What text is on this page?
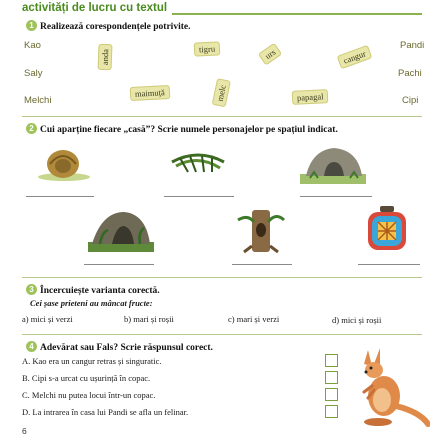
activități de lucru cu textul
1 Realizează corespondențele potrivite.
Kao
Saly
Melchi
Pandi
Pachi
Cipi
anda	tigru	urs	cangur
maimuță	melc	papagal
2 Cui aparține fiecare „casă”? Scrie numele personajelor pe spațiul indicat.
3 Încercuiește varianta corectă.
Cei șase prieteni au mâncat fructe:
a) mici și verzi	b) mari și roșii	c) mari și verzi	d) mici și roșii
4 Adevărat sau Fals? Scrie răspunsul corect.
A. Kao era un cangur retras și singuratic.
B. Cipi s-a urcat cu ușurință în copac.
C. Melchi nu putea locui într-un copac.
D. La intrarea în casa lui Pandi se afla un felinar.
6
